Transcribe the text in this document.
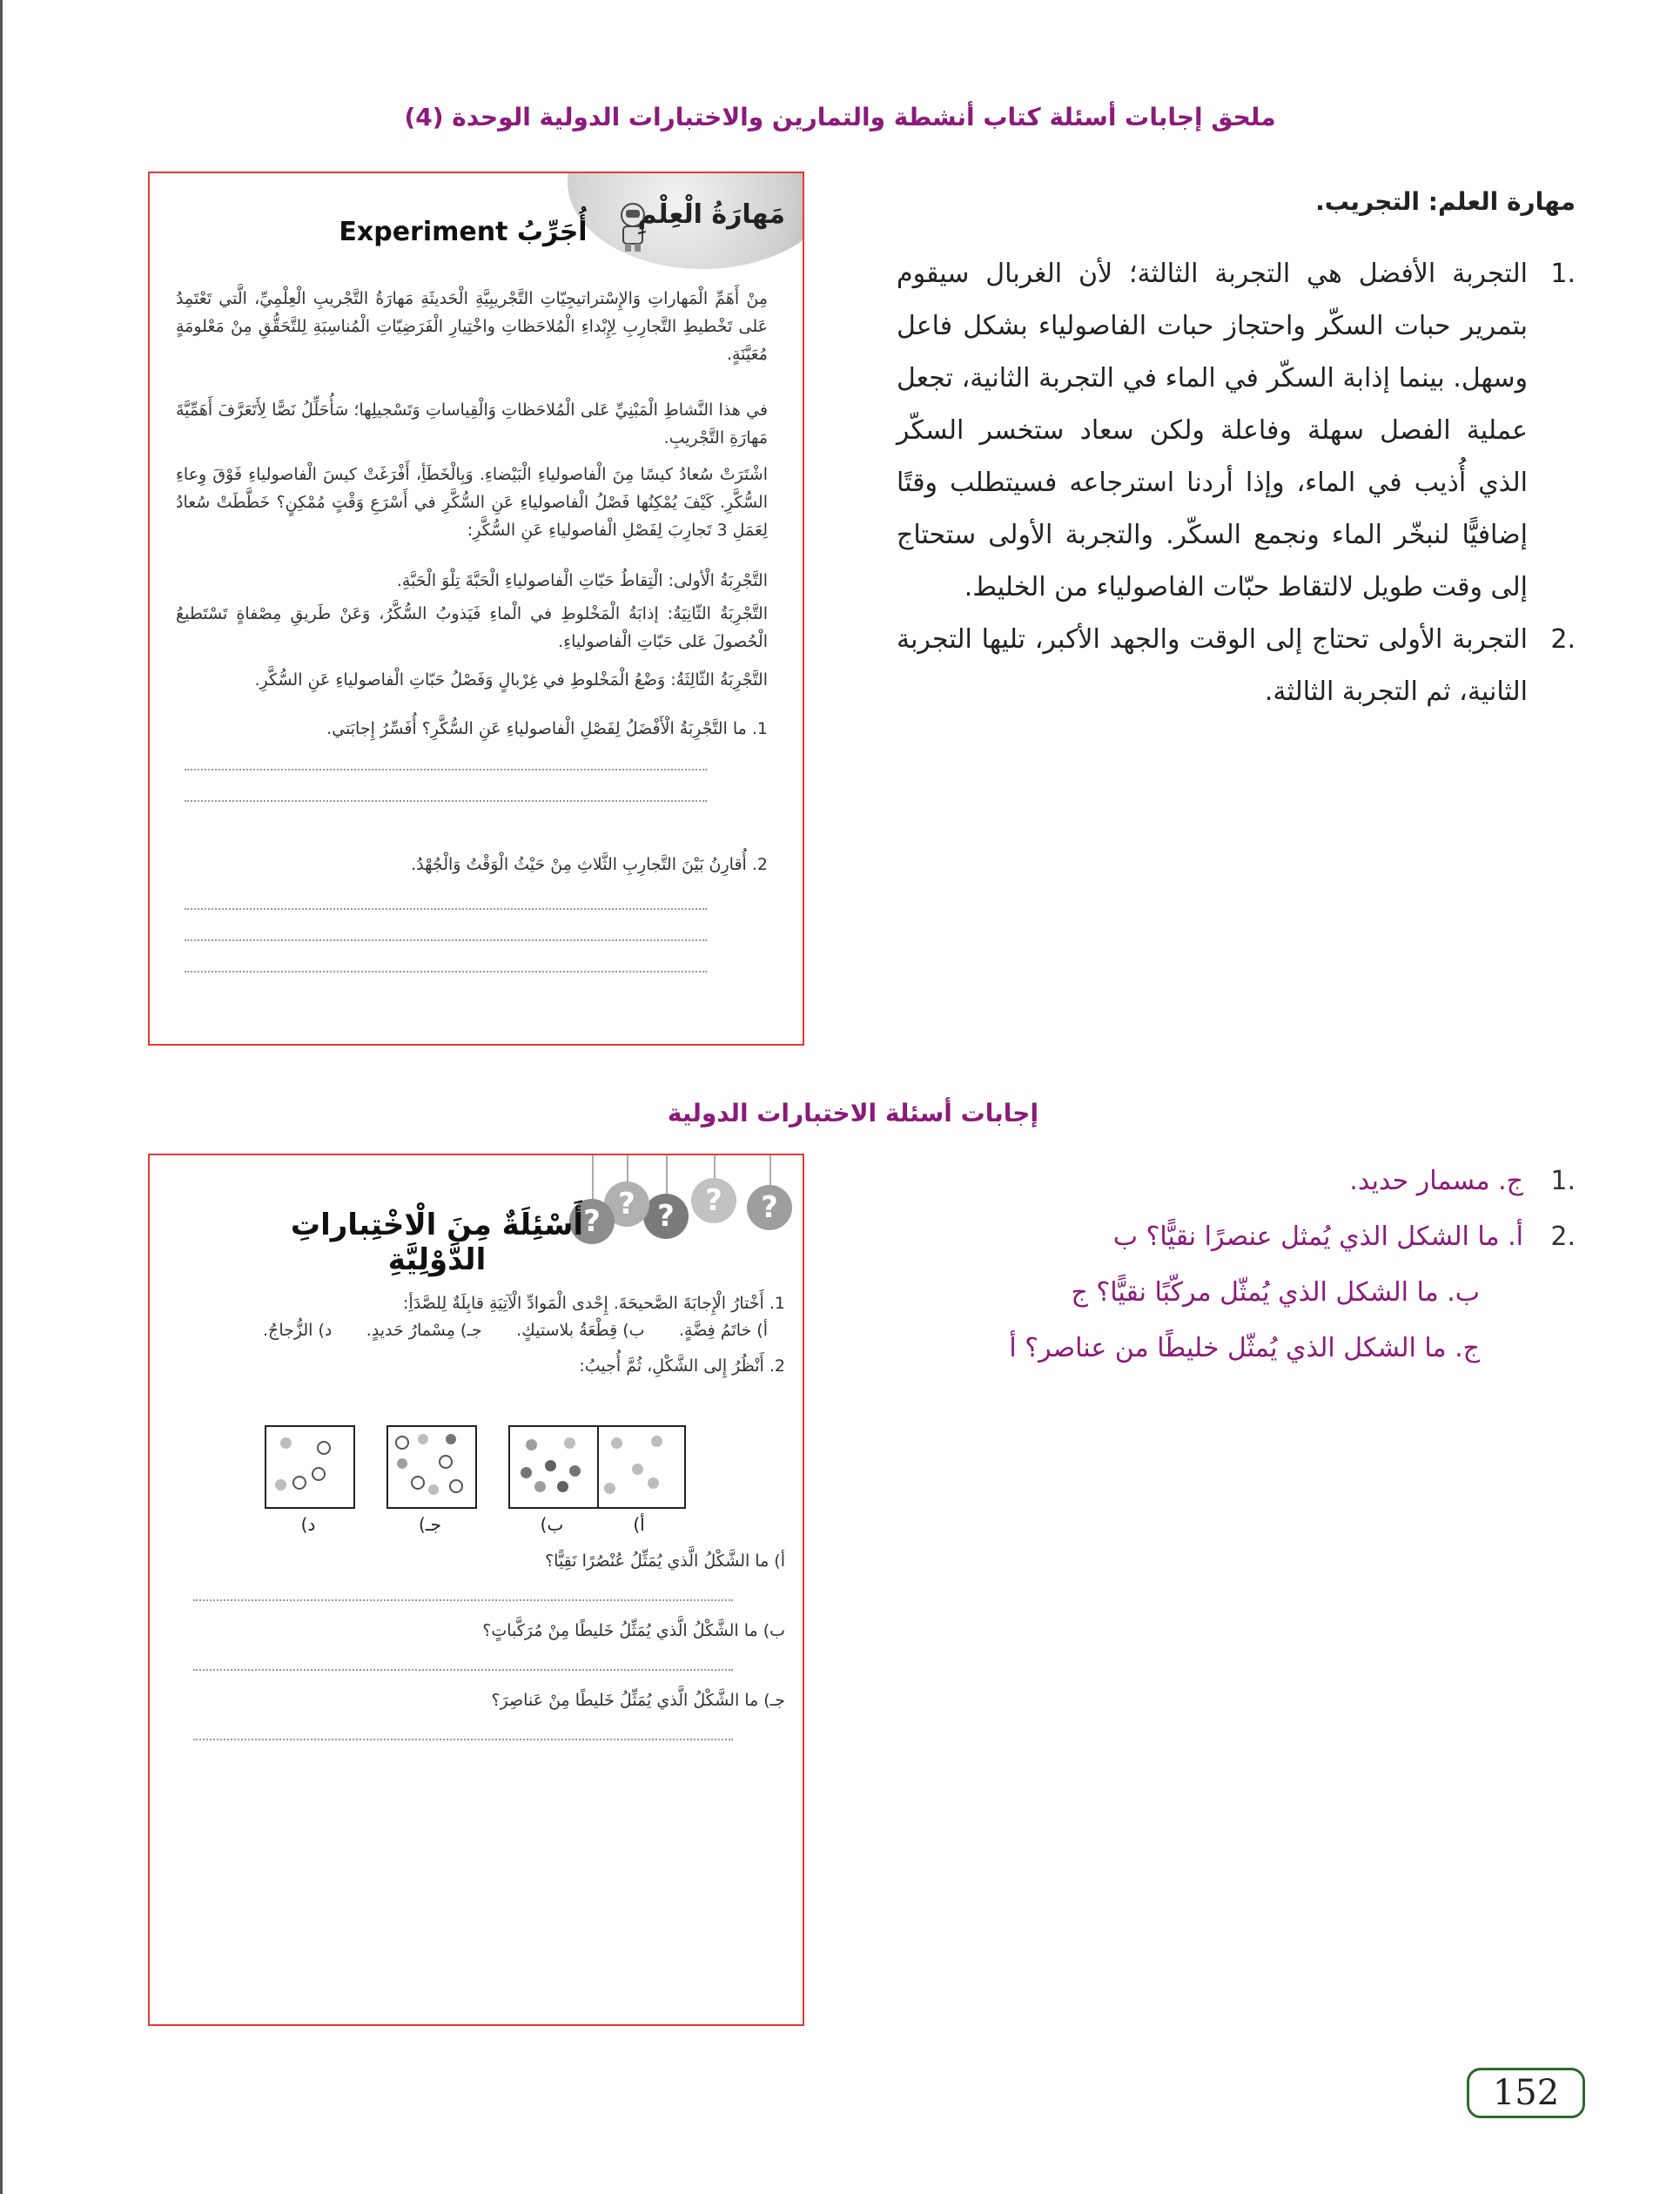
ملحق إجابات أسئلة كتاب أنشطة والتمارين والاختبارات الدولية الوحدة (4)
مهارة العلم: التجريب.
.1
التجربة الأفضل هي التجربة الثالثة؛ لأن الغربال سيقوم بتمرير حبات السكّر واحتجاز حبات الفاصولياء بشكل فاعل وسهل. بينما إذابة السكّر في الماء في التجربة الثانية، تجعل عملية الفصل سهلة وفاعلة ولكن سعاد ستخسر السكّر الذي أُذيب في الماء، وإذا أردنا استرجاعه فسيتطلب وقتًا إضافيًّا لنبخّر الماء ونجمع السكّر. والتجربة الأولى ستحتاج إلى وقت طويل لالتقاط حبّات الفاصولياء من الخليط.
.2
التجربة الأولى تحتاج إلى الوقت والجهد الأكبر، تليها التجربة الثانية، ثم التجربة الثالثة.
مَهارَةُ الْعِلْمِ
أُجَرِّبُ Experiment
مِنْ أَهَمِّ الْمَهاراتِ وَالإِسْتراتيجِيّاتِ التَّجْريبِيَّةِ الْحَديثَةِ مَهارَةُ التَّجْريبِ الْعِلْمِيِّ، الَّتي تَعْتَمِدُ عَلى تَخْطيطِ التَّجارِبِ لِإِبْداءِ الْمُلاحَظاتِ واخْتِيارِ الْفَرَضِيّاتِ الْمُناسِبَةِ لِلتَّحَقُّقِ مِنْ مَعْلومَةٍ مُعَيَّنَةٍ.
في هذا النَّشاطِ الْمَبْنِيِّ عَلى الْمُلاحَظاتِ وَالْقِياساتِ وَتَسْجيلِها؛ سَأُحَلِّلُ نَصًّا لِأَتَعَرَّفَ أَهَمِّيَّةَ مَهارَةِ التَّجْريبِ.
اشْتَرَتْ سُعادُ كيسًا مِنَ الْفاصولياءِ الْبَيْضاءِ. وَبِالْخَطَأِ، أَفْرَغَتْ كيسَ الْفاصولياءِ فَوْقَ وِعاءِ السُّكَّرِ. كَيْفَ يُمْكِنُها فَصْلُ الْفاصولياءِ عَنِ السُّكَّرِ في أَسْرَعِ وَقْتٍ مُمْكِنٍ؟ خَطَّطَتْ سُعادُ لِعَمَلِ 3 تَجارِبَ لِفَصْلِ الْفاصولياءِ عَنِ السُّكَّرِ:
التَّجْرِبَةُ الْأولى: الْتِقاطُ حَبّاتِ الْفاصولياءِ الْحَبَّةَ تِلْوَ الْحَبَّةِ.
التَّجْرِبَةُ الثّانِيَةُ: إذابَةُ الْمَخْلوطِ في الْماءِ فَيَذوبُ السُّكَّرُ، وَعَنْ طَريقِ مِصْفاةٍ تَسْتَطيعُ الْحُصولَ عَلى حَبّاتِ الْفاصولياءِ.
التَّجْرِبَةُ الثّالِثَةُ: وَضْعُ الْمَخْلوطِ في غِرْبالٍ وَفَصْلُ حَبّاتِ الْفاصولياءِ عَنِ السُّكَّرِ.
1. ما التَّجْرِبَةُ الْأَفْضَلُ لِفَصْلِ الْفاصولياءِ عَنِ السُّكَّرِ؟ أُفَسِّرُ إِجابَتي.
2. أُقارِنُ بَيْنَ التَّجارِبِ الثَّلاثِ مِنْ حَيْثُ الْوَقْتُ وَالْجُهْدُ.
إجابات أسئلة الاختبارات الدولية
.1
ج. مسمار حديد.
.2
أ. ما الشكل الذي يُمثل عنصرًا نقيًّا؟ ب
ب. ما الشكل الذي يُمثّل مركّبًا نقيًّا؟ ج
ج. ما الشكل الذي يُمثّل خليطًا من عناصر؟ أ
?
?
?
?
?
أَسْئِلَةٌ مِنَ الْاخْتِباراتِ الدَّوْلِيَّةِ
1. أَخْتارُ الْإِجابَةَ الصَّحيحَةَ. إِحْدى الْمَوادِّ الْآتِيَةِ قابِلَةٌ لِلصَّدَأِ:
أ) خاتَمُ فِضَّةٍ.
ب) قِطْعَةُ بلاستيكٍ.
جـ) مِسْمارُ حَديدٍ.
د) الزُّجاجُ.
2. أَنْظُرُ إِلى الشَّكْلِ، ثُمَّ أُجيبُ:
أ)
ب)
جـ)
د)
أ) ما الشَّكْلُ الَّذي يُمَثِّلُ عُنْصُرًا نَقِيًّا؟
ب) ما الشَّكْلُ الَّذي يُمَثِّلُ خَليطًا مِنْ مُرَكَّباتٍ؟
جـ) ما الشَّكْلُ الَّذي يُمَثِّلُ خَليطًا مِنْ عَناصِرَ؟
152
